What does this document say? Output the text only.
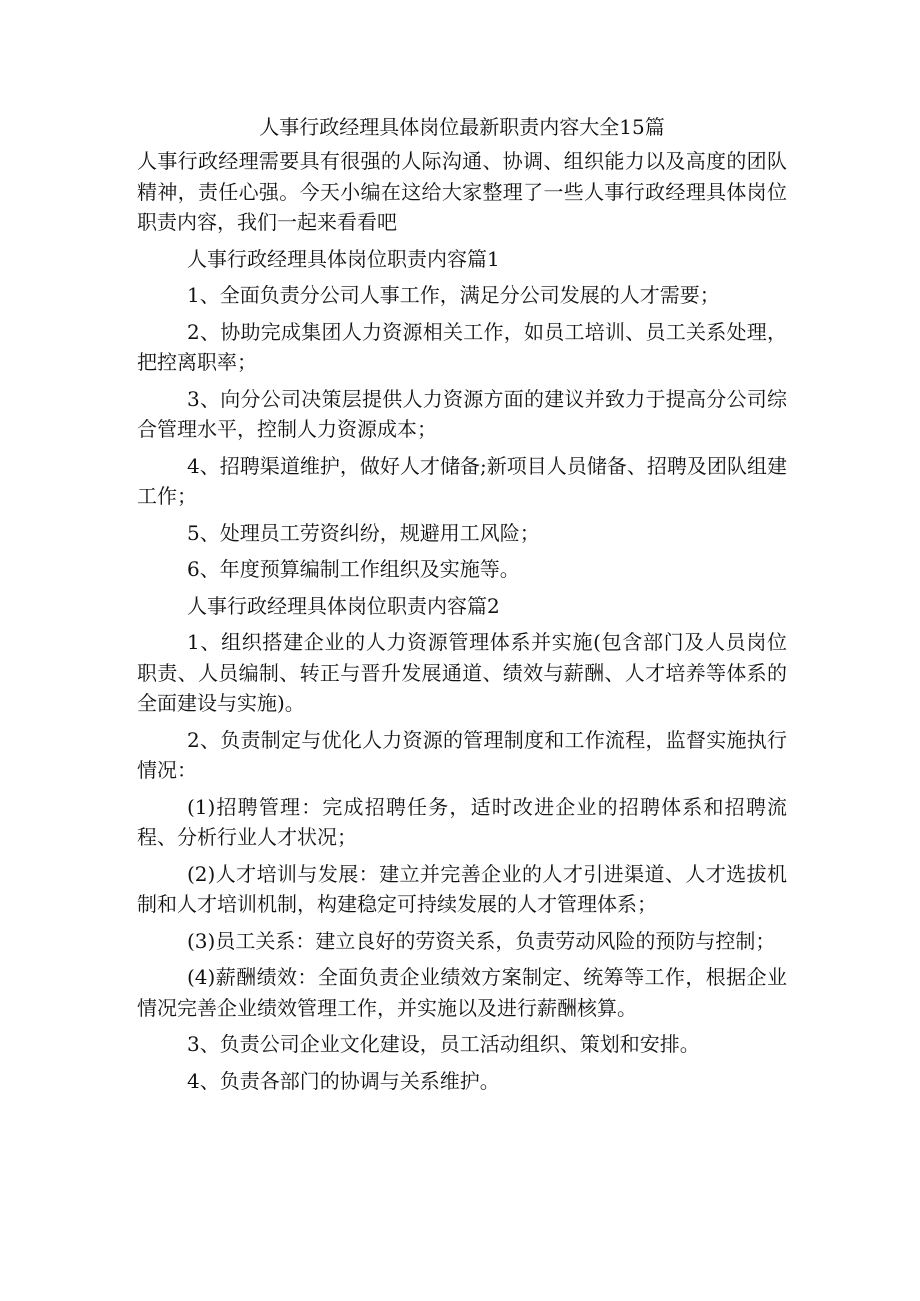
人事行政经理具体岗位最新职责内容大全15篇
人事行政经理需要具有很强的人际沟通、协调、组织能力以及高度的团队精神，责任心强。今天小编在这给大家整理了一些人事行政经理具体岗位职责内容，我们一起来看看吧
人事行政经理具体岗位职责内容篇1
1、全面负责分公司人事工作，满足分公司发展的人才需要；
2、协助完成集团人力资源相关工作，如员工培训、员工关系处理，把控离职率；
3、向分公司决策层提供人力资源方面的建议并致力于提高分公司综合管理水平，控制人力资源成本；
4、招聘渠道维护，做好人才储备;新项目人员储备、招聘及团队组建工作；
5、处理员工劳资纠纷，规避用工风险；
6、年度预算编制工作组织及实施等。
人事行政经理具体岗位职责内容篇2
1、组织搭建企业的人力资源管理体系并实施(包含部门及人员岗位职责、人员编制、转正与晋升发展通道、绩效与薪酬、人才培养等体系的全面建设与实施)。
2、负责制定与优化人力资源的管理制度和工作流程，监督实施执行情况：
(1)招聘管理：完成招聘任务，适时改进企业的招聘体系和招聘流程、分析行业人才状况；
(2)人才培训与发展：建立并完善企业的人才引进渠道、人才选拔机制和人才培训机制，构建稳定可持续发展的人才管理体系；
(3)员工关系：建立良好的劳资关系，负责劳动风险的预防与控制；
(4)薪酬绩效：全面负责企业绩效方案制定、统筹等工作，根据企业情况完善企业绩效管理工作，并实施以及进行薪酬核算。
3、负责公司企业文化建设，员工活动组织、策划和安排。
4、负责各部门的协调与关系维护。
